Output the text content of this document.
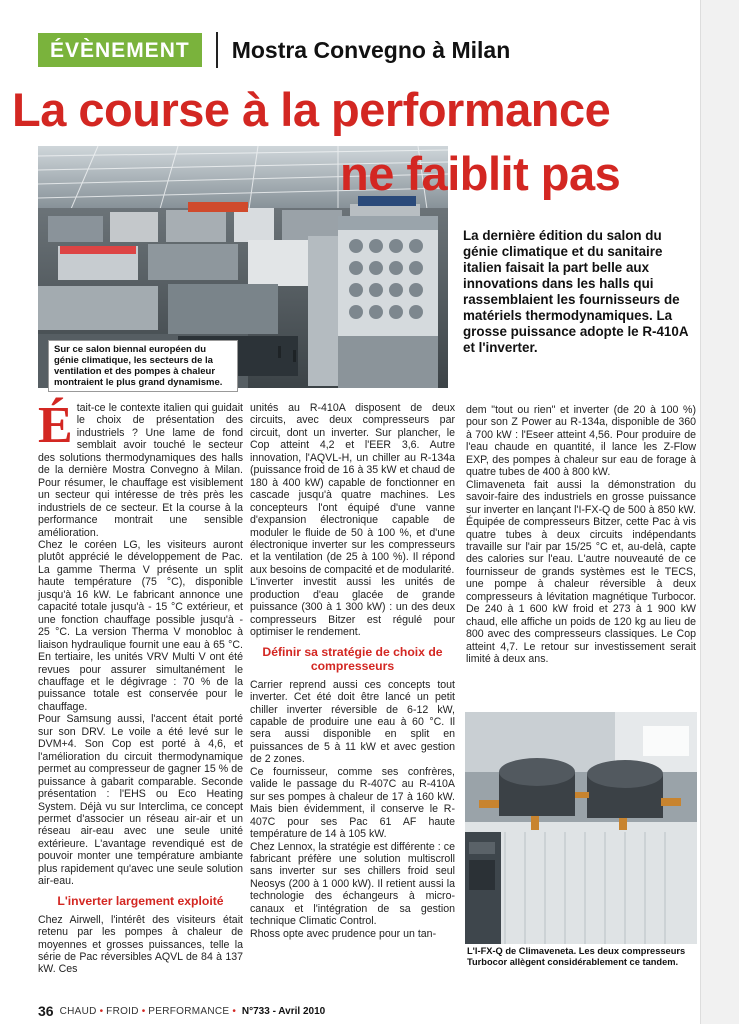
ÉVÈNEMENT	Mostra Convegno à Milan
La course à la performance
ne faiblit pas
Sur ce salon biennal européen du génie climatique, les secteurs de la ventilation et des pompes à chaleur montraient le plus grand dynamisme.
La dernière édition du salon du génie climatique et du sanitaire italien faisait la part belle aux innovations dans les halls qui rassemblaient les fournisseurs de matériels thermodynamiques. La grosse puissance adopte le R-410A et l'inverter.

Était-ce le contexte italien qui guidait le choix de présentation des industriels ? Une lame de fond semblait avoir touché le secteur des solutions thermodynamiques des halls de la dernière Mostra Convegno à Milan. Pour résumer, le chauffage est visiblement un secteur qui intéresse de très près les industriels de ce secteur. Et la course à la performance montrait une sensible amélioration.

Chez le coréen LG, les visiteurs auront plutôt apprécié le développement de Pac. La gamme Therma V présente un split haute température (75 °C), disponible jusqu'à 16 kW. Le fabricant annonce une capacité totale jusqu'à - 15 °C extérieur, et une fonction chauffage possible jusqu'à - 25 °C. La version Therma V monobloc à liaison hydraulique fournit une eau à 65 °C. En tertiaire, les unités VRV Multi V ont été revues pour assurer simultanément le chauffage et le dégivrage : 70 % de la puissance totale est conservée pour le chauffage.

Pour Samsung aussi, l'accent était porté sur son DRV. Le voile a été levé sur le DVM+4. Son Cop est porté à 4,6, et l'amélioration du circuit thermodynamique permet au compresseur de gagner 15 % de puissance à gabarit comparable. Seconde présentation : l'EHS ou Eco Heating System. Déjà vu sur Interclima, ce concept permet d'associer un réseau air-air et un réseau air-eau avec une seule unité extérieure. L'avantage revendiqué est de pouvoir monter une température ambiante plus rapidement qu'avec une seule solution air-eau.

L'inverter largement exploité

Chez Airwell, l'intérêt des visiteurs était retenu par les pompes à chaleur de moyennes et grosses puissances, telle la série de Pac réversibles AQVL de 84 à 137 kW. Ces

unités au R-410A disposent de deux circuits, avec deux compresseurs par circuit, dont un inverter. Sur plancher, le Cop atteint 4,2 et l'EER 3,6. Autre innovation, l'AQVL-H, un chiller au R-134a (puissance froid de 16 à 35 kW et chaud de 180 à 400 kW) capable de fonctionner en cascade jusqu'à quatre machines. Les concepteurs l'ont équipé d'une vanne d'expansion électronique capable de moduler le fluide de 50 à 100 %, et d'une électronique inverter sur les compresseurs et la ventilation (de 25 à 100 %). Il répond aux besoins de compacité et de modularité.

L'inverter investit aussi les unités de production d'eau glacée de grande puissance (300 à 1 300 kW) : un des deux compresseurs Bitzer est régulé pour optimiser le rendement.

Définir sa stratégie de choix de compresseurs

Carrier reprend aussi ces concepts tout inverter. Cet été doit être lancé un petit chiller inverter réversible de 6-12 kW, capable de produire une eau à 60 °C. Il sera aussi disponible en split en puissances de 5 à 11 kW et avec gestion de 2 zones.

Ce fournisseur, comme ses confrères, valide le passage du R-407C au R-410A sur ses pompes à chaleur de 17 à 160 kW. Mais bien évidemment, il conserve le R-407C pour ses Pac 61 AF haute température de 14 à 105 kW.

Chez Lennox, la stratégie est différente : ce fabricant préfère une solution multiscroll sans inverter sur ses chillers froid seul Neosys (200 à 1 000 kW). Il retient aussi la technologie des échangeurs à micro-canaux et l'intégration de sa gestion technique Climatic Control.

Rhoss opte avec prudence pour un tan-

dem "tout ou rien" et inverter (de 20 à 100 %) pour son Z Power au R-134a, disponible de 360 à 700 kW : l'Eseer atteint 4,56. Pour produire de l'eau chaude en quantité, il lance les Z-Flow EXP, des pompes à chaleur sur eau de forage à quatre tubes de 400 à 800 kW.

Climaveneta fait aussi la démonstration du savoir-faire des industriels en grosse puissance sur inverter en lançant l'I-FX-Q de 500 à 850 kW. Équipée de compresseurs Bitzer, cette Pac à vis quatre tubes à deux circuits indépendants travaille sur l'air par 15/25 °C et, au-delà, capte des calories sur l'eau. L'autre nouveauté de ce fournisseur de grands systèmes est le TECS, une pompe à chaleur réversible à deux compresseurs à lévitation magnétique Turbocor. De 240 à 1 600 kW froid et 273 à 1 900 kW chaud, elle affiche un poids de 120 kg au lieu de 800 avec des compresseurs classiques. Le Cop atteint 4,7. Le retour sur investissement serait limité à deux ans.

L'I-FX-Q de Climaveneta. Les deux compresseurs Turbocor allègent considérablement ce tandem.
36 CHAUD • FROID • PERFORMANCE • N°733 - Avril 2010
